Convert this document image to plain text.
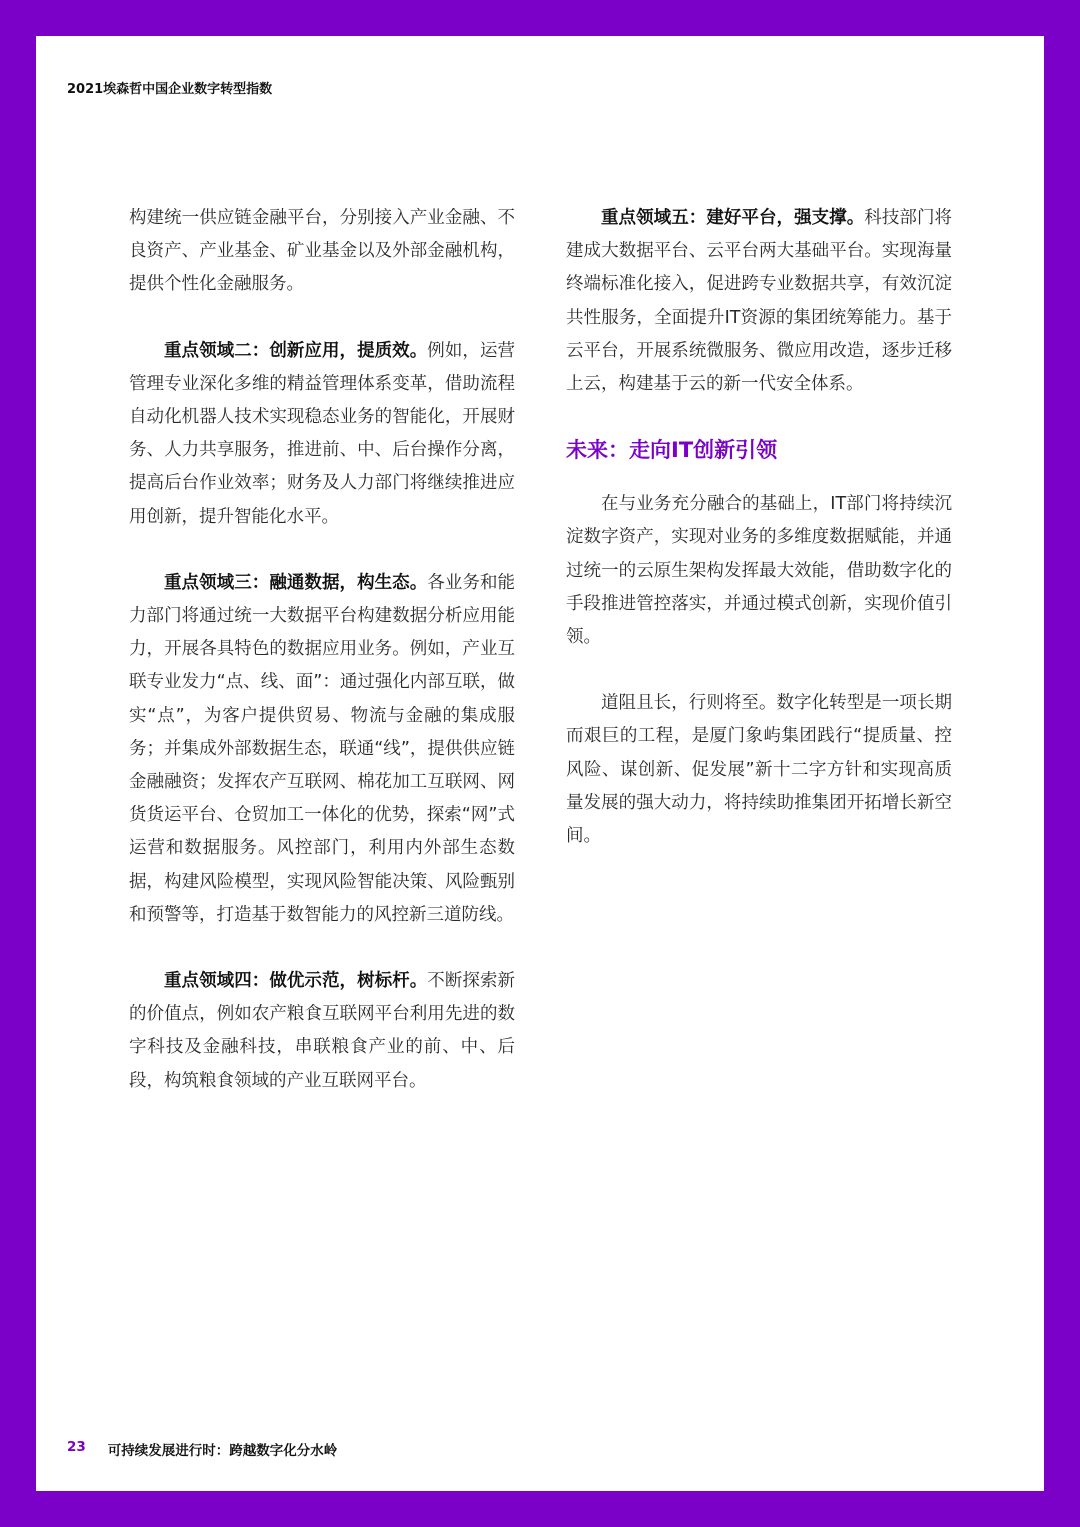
2021埃森哲中国企业数字转型指数

构建统一供应链金融平台，分别接入产业金融、不良资产、产业基金、矿业基金以及外部金融机构，提供个性化金融服务。

重点领域二：创新应用，提质效。例如，运营管理专业深化多维的精益管理体系变革，借助流程自动化机器人技术实现稳态业务的智能化，开展财务、人力共享服务，推进前、中、后台操作分离，提高后台作业效率；财务及人力部门将继续推进应用创新，提升智能化水平。

重点领域三：融通数据，构生态。各业务和能力部门将通过统一大数据平台构建数据分析应用能力，开展各具特色的数据应用业务。例如，产业互联专业发力“点、线、面”：通过强化内部互联，做实“点”，为客户提供贸易、物流与金融的集成服务；并集成外部数据生态，联通“线”，提供供应链金融融资；发挥农产互联网、棉花加工互联网、网货货运平台、仓贸加工一体化的优势，探索“网”式运营和数据服务。风控部门，利用内外部生态数据，构建风险模型，实现风险智能决策、风险甄别和预警等，打造基于数智能力的风控新三道防线。

重点领域四：做优示范，树标杆。不断探索新的价值点，例如农产粮食互联网平台利用先进的数字科技及金融科技，串联粮食产业的前、中、后段，构筑粮食领域的产业互联网平台。

重点领域五：建好平台，强支撑。科技部门将建成大数据平台、云平台两大基础平台。实现海量终端标准化接入，促进跨专业数据共享，有效沉淀共性服务，全面提升IT资源的集团统筹能力。基于云平台，开展系统微服务、微应用改造，逐步迁移上云，构建基于云的新一代安全体系。

未来：走向IT创新引领

在与业务充分融合的基础上，IT部门将持续沉淀数字资产，实现对业务的多维度数据赋能，并通过统一的云原生架构发挥最大效能，借助数字化的手段推进管控落实，并通过模式创新，实现价值引领。

道阻且长，行则将至。数字化转型是一项长期而艰巨的工程，是厦门象屿集团践行“提质量、控风险、谋创新、促发展”新十二字方针和实现高质量发展的强大动力，将持续助推集团开拓增长新空间。

23 可持续发展进行时：跨越数字化分水岭
